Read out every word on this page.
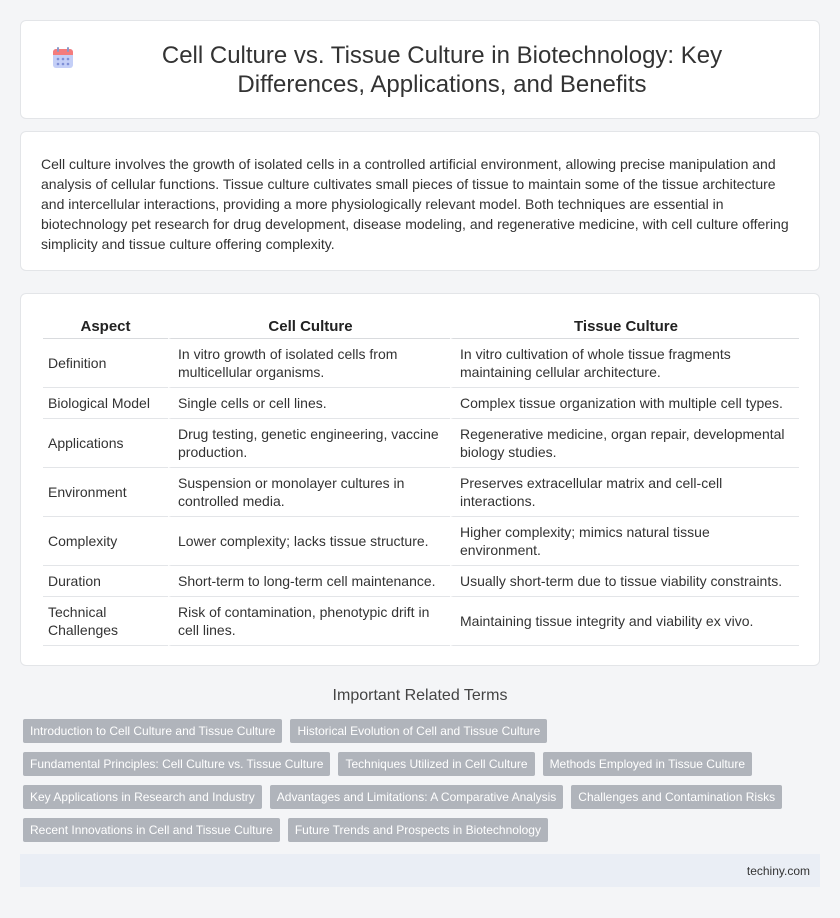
Cell Culture vs. Tissue Culture in Biotechnology: Key Differences, Applications, and Benefits

Cell culture involves the growth of isolated cells in a controlled artificial environment, allowing precise manipulation and analysis of cellular functions. Tissue culture cultivates small pieces of tissue to maintain some of the tissue architecture and intercellular interactions, providing a more physiologically relevant model. Both techniques are essential in biotechnology pet research for drug development, disease modeling, and regenerative medicine, with cell culture offering simplicity and tissue culture offering complexity.

Aspect	Cell Culture	Tissue Culture
Definition	In vitro growth of isolated cells from multicellular organisms.	In vitro cultivation of whole tissue fragments maintaining cellular architecture.
Biological Model	Single cells or cell lines.	Complex tissue organization with multiple cell types.
Applications	Drug testing, genetic engineering, vaccine production.	Regenerative medicine, organ repair, developmental biology studies.
Environment	Suspension or monolayer cultures in controlled media.	Preserves extracellular matrix and cell-cell interactions.
Complexity	Lower complexity; lacks tissue structure.	Higher complexity; mimics natural tissue environment.
Duration	Short-term to long-term cell maintenance.	Usually short-term due to tissue viability constraints.
Technical Challenges	Risk of contamination, phenotypic drift in cell lines.	Maintaining tissue integrity and viability ex vivo.
Important Related Terms
Introduction to Cell Culture and Tissue Culture	Historical Evolution of Cell and Tissue Culture
Fundamental Principles: Cell Culture vs. Tissue Culture	Techniques Utilized in Cell Culture	Methods Employed in Tissue Culture
Key Applications in Research and Industry	Advantages and Limitations: A Comparative Analysis	Challenges and Contamination Risks
Recent Innovations in Cell and Tissue Culture	Future Trends and Prospects in Biotechnology
techiny.com
